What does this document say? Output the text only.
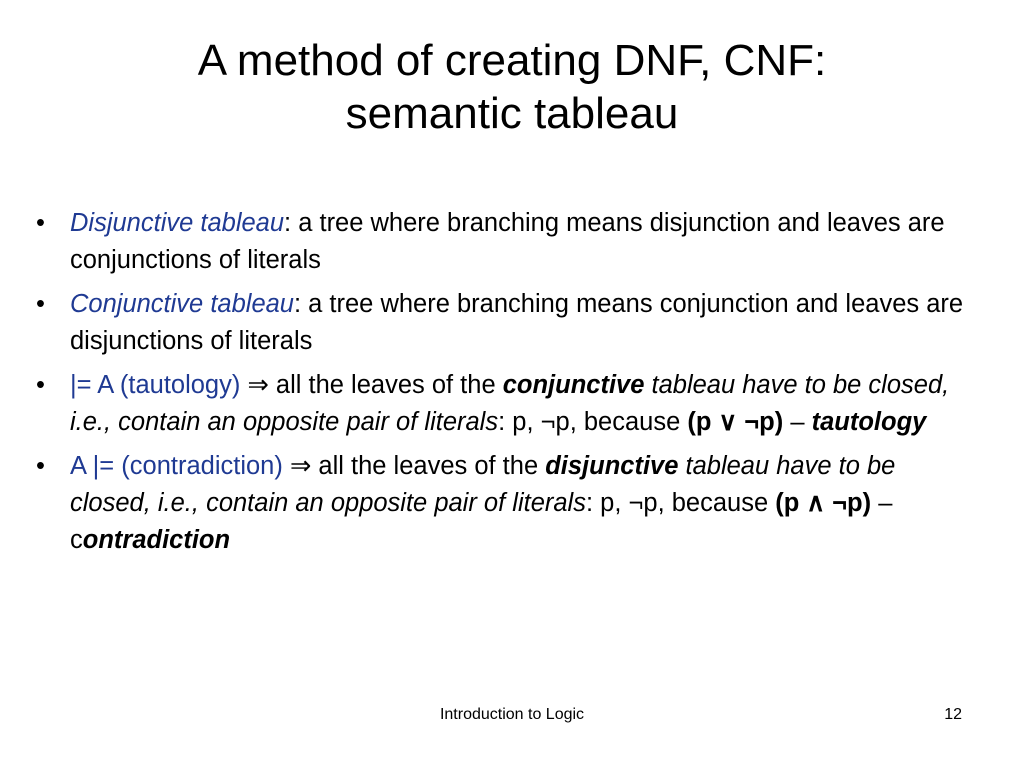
A method of creating DNF, CNF:
semantic tableau
• Disjunctive tableau: a tree where branching means disjunction and leaves are conjunctions of literals
• Conjunctive tableau: a tree where branching means conjunction and leaves are disjunctions of literals
• |= A (tautology) ⇒ all the leaves of the conjunctive tableau have to be closed, i.e., contain an opposite pair of literals: p, ¬p, because (p ∨ ¬p) – tautology
• A |= (contradiction) ⇒ all the leaves of the disjunctive tableau have to be closed, i.e., contain an opposite pair of literals: p, ¬p, because (p ∧ ¬p) – contradiction
Introduction to Logic	12
